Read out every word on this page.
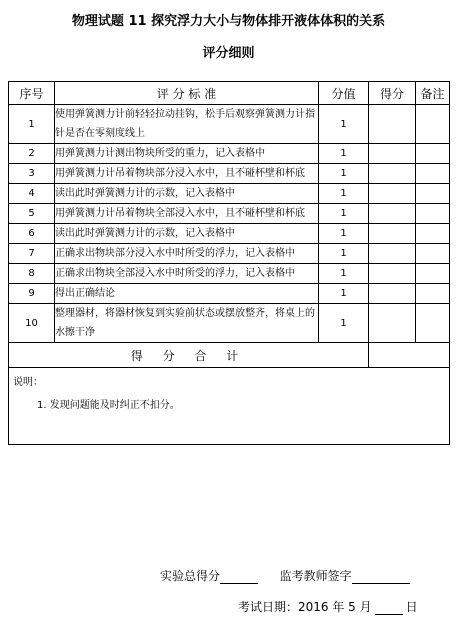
物理试题 11 探究浮力大小与物体排开液体体积的关系
评分细则
序号	评 分 标 准	分值	得分	备注
1	使用弹簧测力计前轻轻拉动挂钩，松手后观察弹簧测力计指针是否在零刻度线上	1		
2	用弹簧测力计测出物块所受的重力，记入表格中	1		
3	用弹簧测力计吊着物块部分浸入水中，且不碰杯壁和杯底	1		
4	读出此时弹簧测力计的示数，记入表格中	1		
5	用弹簧测力计吊着物块全部浸入水中，且不碰杯壁和杯底	1		
6	读出此时弹簧测力计的示数，记入表格中	1		
7	正确求出物块部分浸入水中时所受的浮力，记入表格中	1		
8	正确求出物块全部浸入水中时所受的浮力，记入表格中	1		
9	得出正确结论	1		
10	整理器材，将器材恢复到实验前状态或摆放整齐，将桌上的水擦干净	1		
得 分 合 计				

说明：
1. 发现问题能及时纠正不扣分。				
实验总得分	监考教师签字
考试日期：2016 年 5 月	日
